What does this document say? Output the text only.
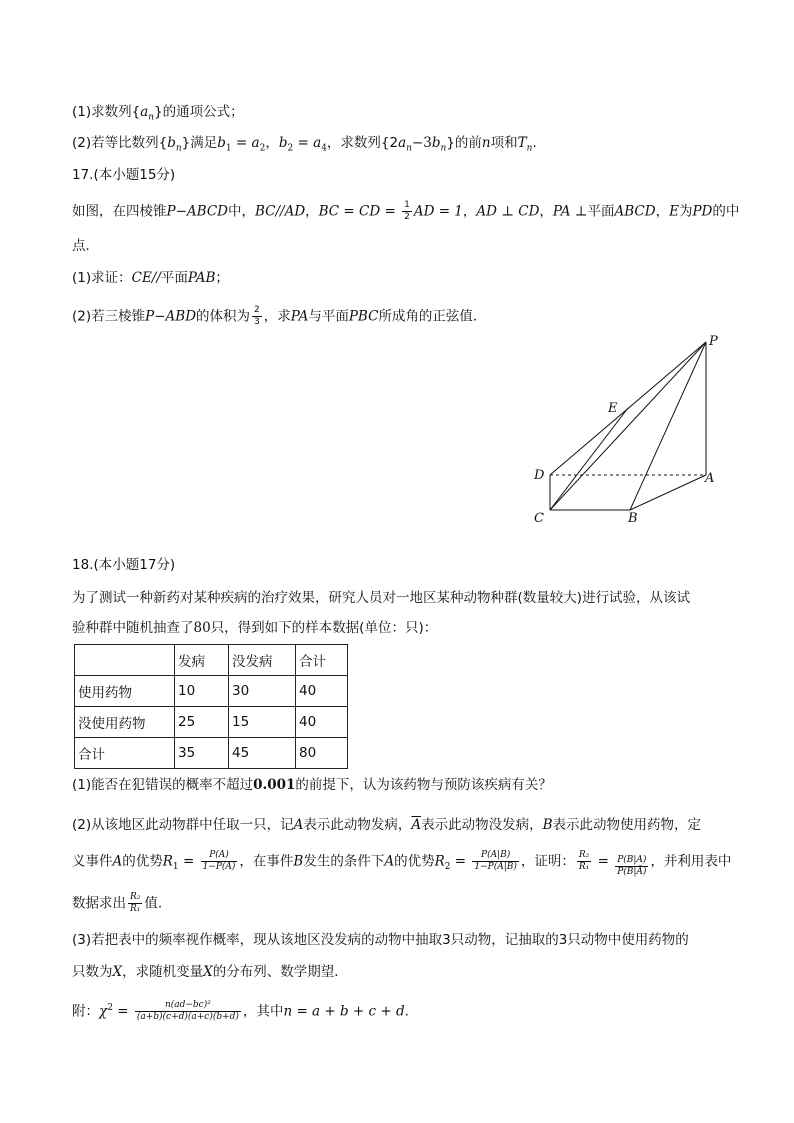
(1)求数列$\{a_n\}$的通项公式；
(2)若等比数列$\{b_n\}$满足$b_1 = a_2$，$b_2 = a_4$，求数列$\{2a_n-3b_n\}$的前n项和$T_n$.
17.(本小题15分)
如图，在四棱锥P−ABCD中，BC//AD，BC = CD = $\frac{1}{2}$ AD = 1，AD ⊥ CD，PA ⊥平面ABCD，E为PD的中
点．
(1)求证：CE//平面PAB；
(2)若三棱锥P−ABD的体积为 $\frac{2}{3}$ ，求PA与平面PBC所成角的正弦值．
P
E
D	A
C	B
18.(本小题17分)
为了测试一种新药对某种疾病的治疗效果，研究人员对一地区某种动物种群(数量较大)进行试验，从该试
验种群中随机抽查了80只，得到如下的样本数据(单位：只)：
	发病	没发病	合计
使用药物	10	30	40
没使用药物	25	15	40
合计	35	45	80
(1)能否在犯错误的概率不超过0.001的前提下，认为该药物与预防该疾病有关？
(2)从该地区此动物群中任取一只，记A表示此动物发病，$\overline{A}$表示此动物没发病，B表示此动物使用药物，定
义事件A的优势$R_1 = \frac{P(A)}{1-P(A)}$ ，在事件B发生的条件下A的优势$R_2 = \frac{P(A|B)}{1-P(A|B)}$ ，证明： $\frac{\text{R₂}}{\text{R₁}} = \frac{P(B|A)}{P(B|Ā)}$ ，并利用表中
数据求出 $\frac{\text{R₂}}{\text{R₁}}$ 值.
(3)若把表中的频率视作概率，现从该地区没发病的动物中抽取3只动物，记抽取的3只动物中使用药物的
只数为X，求随机变量X的分布列、数学期望．
附：$\chi^2 = \frac{\text{n(ad−bc)²}}{(a+b)(c+d)(a+c)(b+d)}$ ，其中n = a + b + c + d.
